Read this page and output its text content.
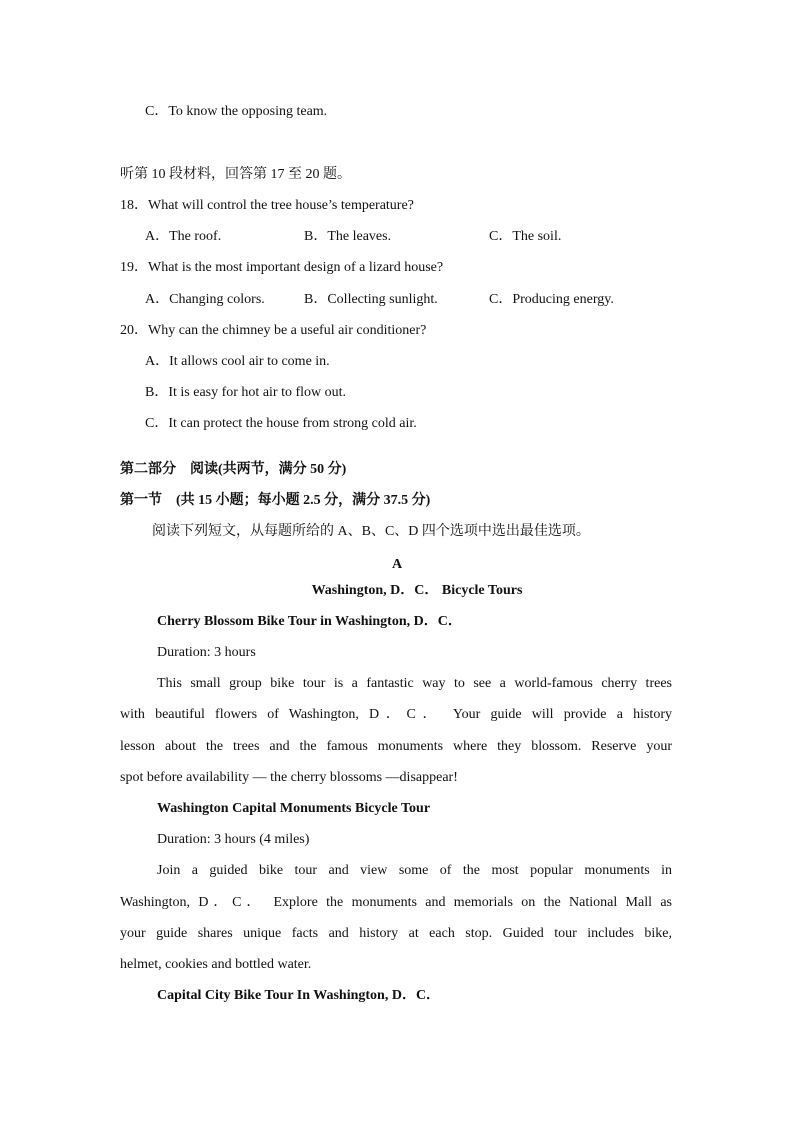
C．To know the opposing team.
听第 10 段材料，回答第 17 至 20 题。
18．What will control the tree house’s temperature?
A．The roof.	B．The leaves.	C．The soil.
19．What is the most important design of a lizard house?
A．Changing colors.	B．Collecting sunlight.	C．Producing energy.
20．Why can the chimney be a useful air conditioner?
A．It allows cool air to come in.
B．It is easy for hot air to flow out.
C．It can protect the house from strong cold air.
第二部分　阅读(共两节，满分 50 分)
第一节　(共 15 小题；每小题 2.5 分，满分 37.5 分)
阅读下列短文，从每题所给的 A、B、C、D 四个选项中选出最佳选项。
A
Washington, D．C． Bicycle Tours
Cherry Blossom Bike Tour in Washington, D．C．
Duration: 3 hours
This small group bike tour is a fantastic way to see a world-famous cherry trees
with beautiful flowers of Washington, D．C． Your guide will provide a history
lesson about the trees and the famous monuments where they blossom. Reserve your
spot before availability — the cherry blossoms —disappear!
Washington Capital Monuments Bicycle Tour
Duration: 3 hours (4 miles)
Join a guided bike tour and view some of the most popular monuments in
Washington, D．C． Explore the monuments and memorials on the National Mall as
your guide shares unique facts and history at each stop. Guided tour includes bike,
helmet, cookies and bottled water.
Capital City Bike Tour In Washington, D．C．
